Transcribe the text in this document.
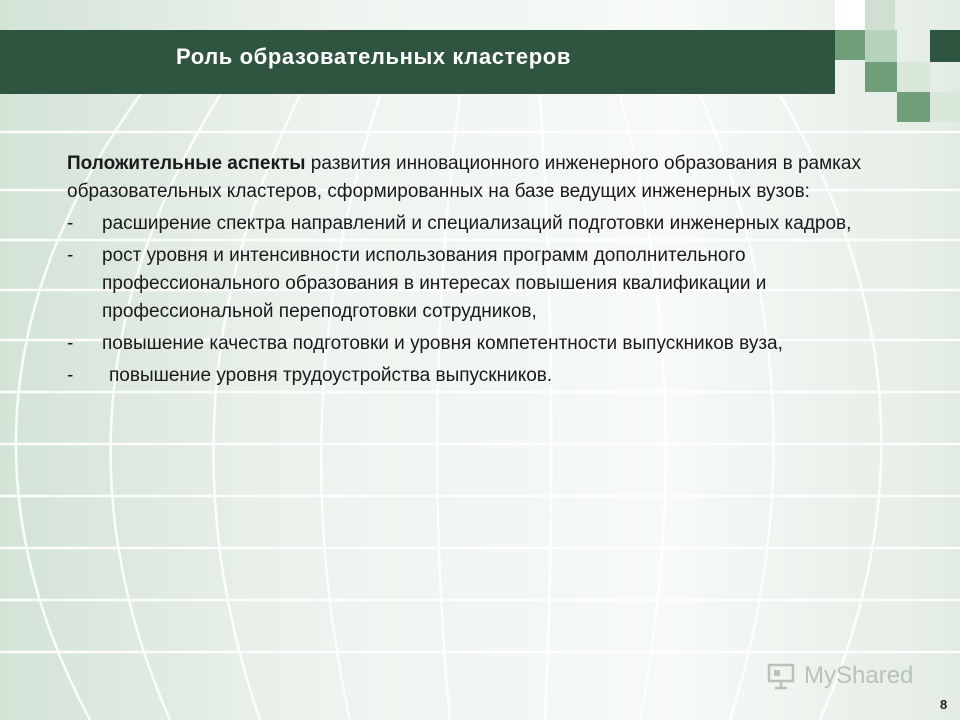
Роль образовательных кластеров

Положительные аспекты развития инновационного инженерного образования в рамках образовательных кластеров, сформированных на базе ведущих инженерных вузов:

- расширение спектра направлений и специализаций подготовки инженерных кадров,
- рост уровня и интенсивности использования программ дополнительного профессионального образования в интересах повышения квалификации и профессиональной переподготовки сотрудников,
- повышение качества подготовки и уровня компетентности выпускников вуза,
- повышение уровня трудоустройства выпускников.
MyShared
8
